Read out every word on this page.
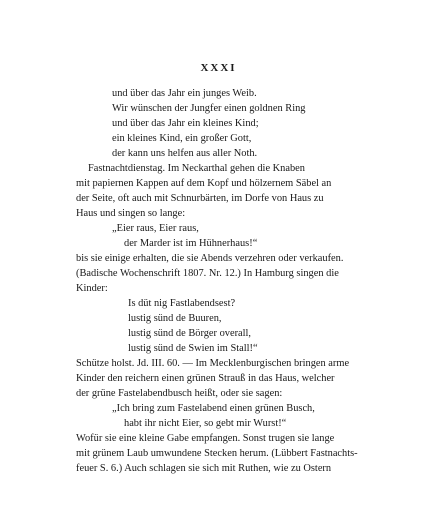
XXXI
und über das Jahr ein junges Weib.
Wir wünschen der Jungfer einen goldnen Ring
und über das Jahr ein kleines Kind;
ein kleines Kind, ein großer Gott,
der kann uns helfen aus aller Noth.
Fastnachtdienstag. Im Neckarthal gehen die Knaben
mit papiernen Kappen auf dem Kopf und hölzernem Säbel an
der Seite, oft auch mit Schnurbärten, im Dorfe von Haus zu
Haus und singen so lange:
„Eier raus, Eier raus,
der Marder ist im Hühnerhaus!“
bis sie einige erhalten, die sie Abends verzehren oder verkaufen.
(Badische Wochenschrift 1807. Nr. 12.) In Hamburg singen die
Kinder:
Is düt nig Fastlabendsest?
lustig sünd de Buuren,
lustig sünd de Börger overall,
lustig sünd de Swien im Stall!“
Schütze holst. Jd. III. 60. — Im Mecklenburgischen bringen arme
Kinder den reichern einen grünen Strauß in das Haus, welcher
der grüne Fastelabendbusch heißt, oder sie sagen:
„Ich bring zum Fastelabend einen grünen Busch,
habt ihr nicht Eier, so gebt mir Wurst!“
Wofür sie eine kleine Gabe empfangen. Sonst trugen sie lange
mit grünem Laub umwundene Stecken herum. (Lübbert Fastnachts-
feuer S. 6.) Auch schlagen sie sich mit Ruthen, wie zu Ostern
